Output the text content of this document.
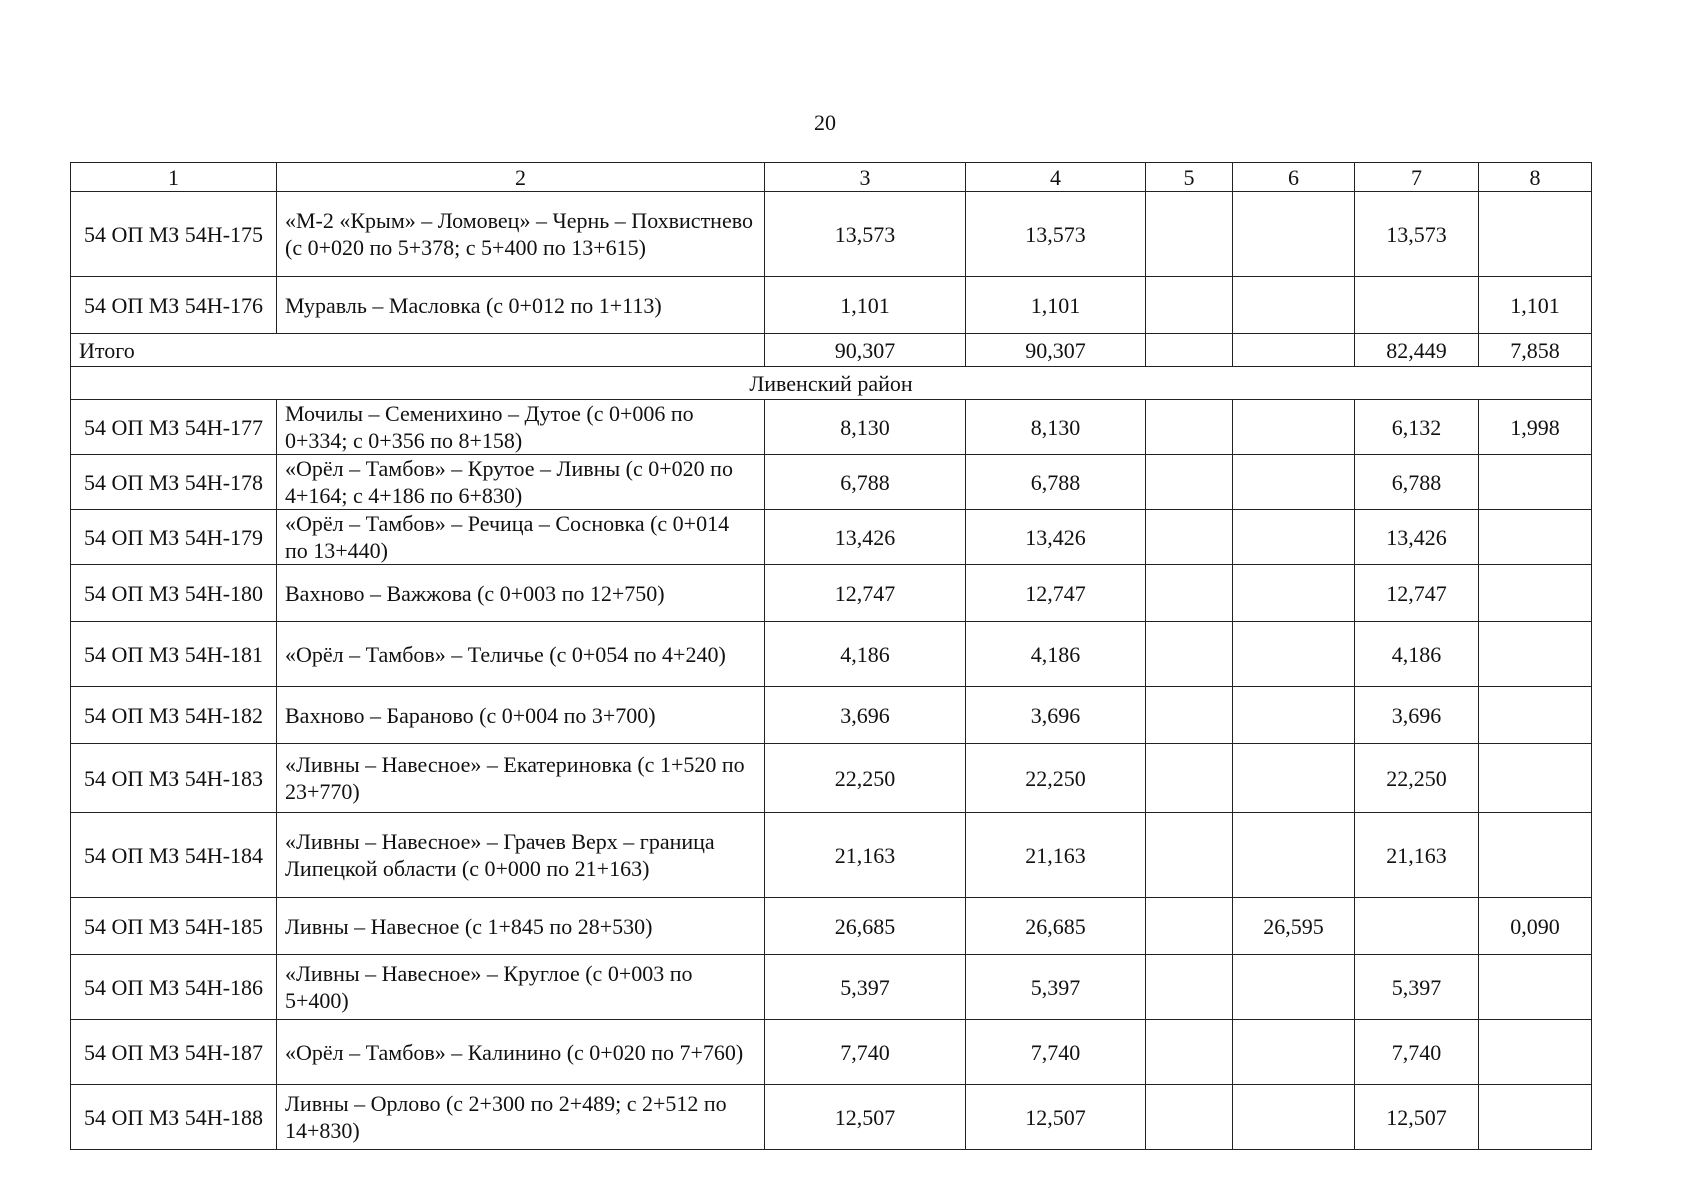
20
1	2	3	4	5	6	7	8
54 ОП МЗ 54Н-175	«М-2 «Крым» – Ломовец» – Чернь – Похвистнево (с 0+020 по 5+378; с 5+400 по 13+615)	13,573	13,573			13,573	
54 ОП МЗ 54Н-176	Муравль – Масловка (с 0+012 по 1+113)	1,101	1,101				1,101
Итого		90,307	90,307			82,449	7,858
Ливенский район							
54 ОП МЗ 54Н-177	Мочилы – Семенихино – Дутое (с 0+006 по 0+334; с 0+356 по 8+158)	8,130	8,130			6,132	1,998
54 ОП МЗ 54Н-178	«Орёл – Тамбов» – Крутое – Ливны (с 0+020 по 4+164; с 4+186 по 6+830)	6,788	6,788			6,788	
54 ОП МЗ 54Н-179	«Орёл – Тамбов» – Речица – Сосновка (с 0+014 по 13+440)	13,426	13,426			13,426	
54 ОП МЗ 54Н-180	Вахново – Важжова (с 0+003 по 12+750)	12,747	12,747			12,747	
54 ОП МЗ 54Н-181	«Орёл – Тамбов» – Теличье (с 0+054 по 4+240)	4,186	4,186			4,186	
54 ОП МЗ 54Н-182	Вахново – Бараново (с 0+004 по 3+700)	3,696	3,696			3,696	
54 ОП МЗ 54Н-183	«Ливны – Навесное» – Екатериновка (с 1+520 по 23+770)	22,250	22,250			22,250	
54 ОП МЗ 54Н-184	«Ливны – Навесное» – Грачев Верх – граница Липецкой области (с 0+000 по 21+163)	21,163	21,163			21,163	
54 ОП МЗ 54Н-185	Ливны – Навесное (с 1+845 по 28+530)	26,685	26,685		26,595		0,090
54 ОП МЗ 54Н-186	«Ливны – Навесное» – Круглое (с 0+003 по 5+400)	5,397	5,397			5,397	
54 ОП МЗ 54Н-187	«Орёл – Тамбов» – Калинино (с 0+020 по 7+760)	7,740	7,740			7,740	
54 ОП МЗ 54Н-188	Ливны – Орлово (с 2+300 по 2+489; с 2+512 по 14+830)	12,507	12,507			12,507	
